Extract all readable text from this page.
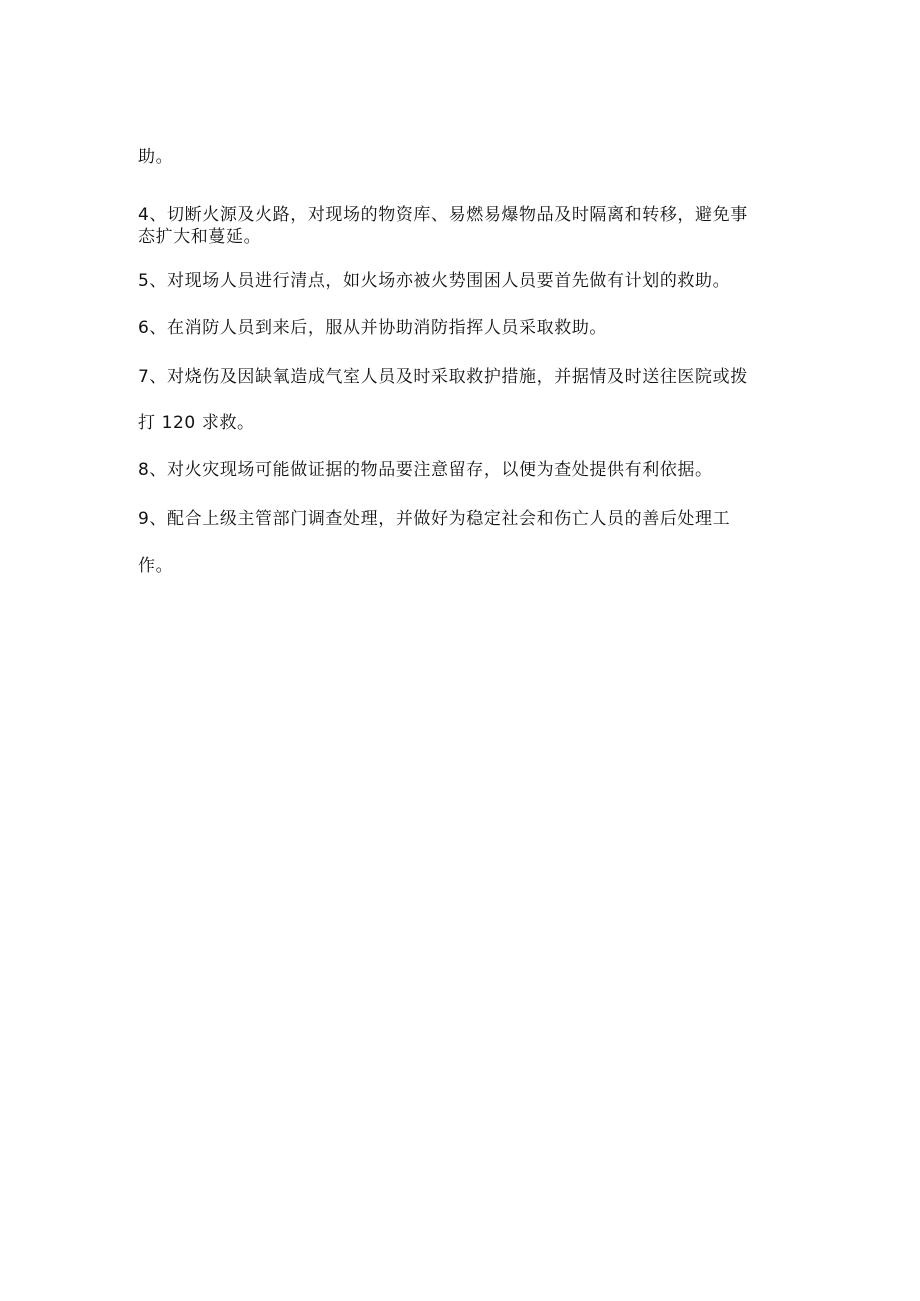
助。
4、切断火源及火路，对现场的物资库、易燃易爆物品及时隔离和转移，避免事
态扩大和蔓延。
5、对现场人员进行清点，如火场亦被火势围困人员要首先做有计划的救助。
6、在消防人员到来后，服从并协助消防指挥人员采取救助。
7、对烧伤及因缺氧造成气室人员及时采取救护措施，并据情及时送往医院或拨
打 120 求救。
8、对火灾现场可能做证据的物品要注意留存，以便为查处提供有利依据。
9、配合上级主管部门调查处理，并做好为稳定社会和伤亡人员的善后处理工
作。
